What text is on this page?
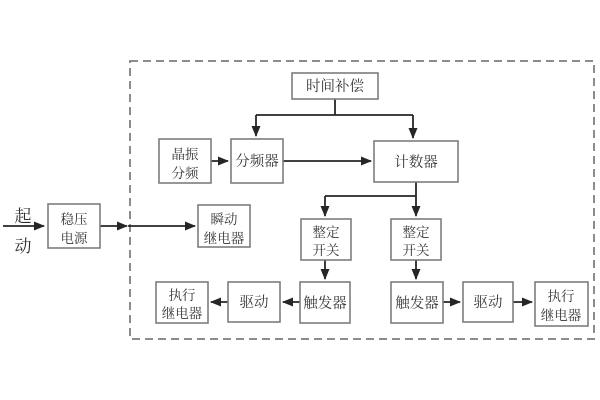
起
动
稳压
电源
瞬动
继电器
时间补偿
晶振
分频
分频器	计数器
整定
开关
整定
开关
触发器
驱动
执行
继电器
触发器 驱动	执行
继电器
